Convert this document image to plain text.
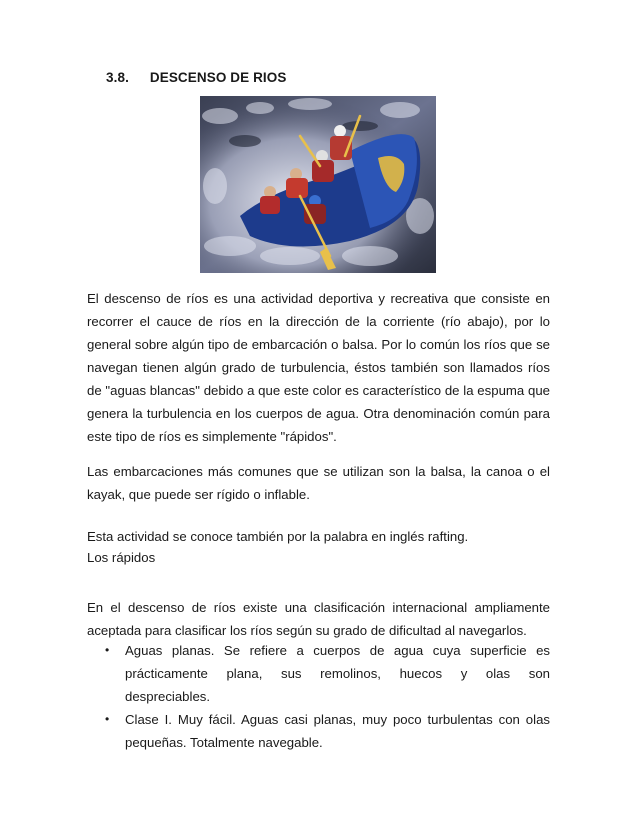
3.8. DESCENSO DE RIOS

El descenso de ríos es una actividad deportiva y recreativa que consiste en recorrer el cauce de ríos en la dirección de la corriente (río abajo), por lo general sobre algún tipo de embarcación o balsa. Por lo común los ríos que se navegan tienen algún grado de turbulencia, éstos también son llamados ríos de "aguas blancas" debido a que este color es característico de la espuma que genera la turbulencia en los cuerpos de agua. Otra denominación común para este tipo de ríos es simplemente "rápidos".

Las embarcaciones más comunes que se utilizan son la balsa, la canoa o el kayak, que puede ser rígido o inflable.

Esta actividad se conoce también por la palabra en inglés rafting.

Los rápidos

En el descenso de ríos existe una clasificación internacional ampliamente aceptada para clasificar los ríos según su grado de dificultad al navegarlos.

• Aguas planas. Se refiere a cuerpos de agua cuya superficie es prácticamente plana, sus remolinos, huecos y olas son despreciables.
• Clase I. Muy fácil. Aguas casi planas, muy poco turbulentas con olas pequeñas. Totalmente navegable.
